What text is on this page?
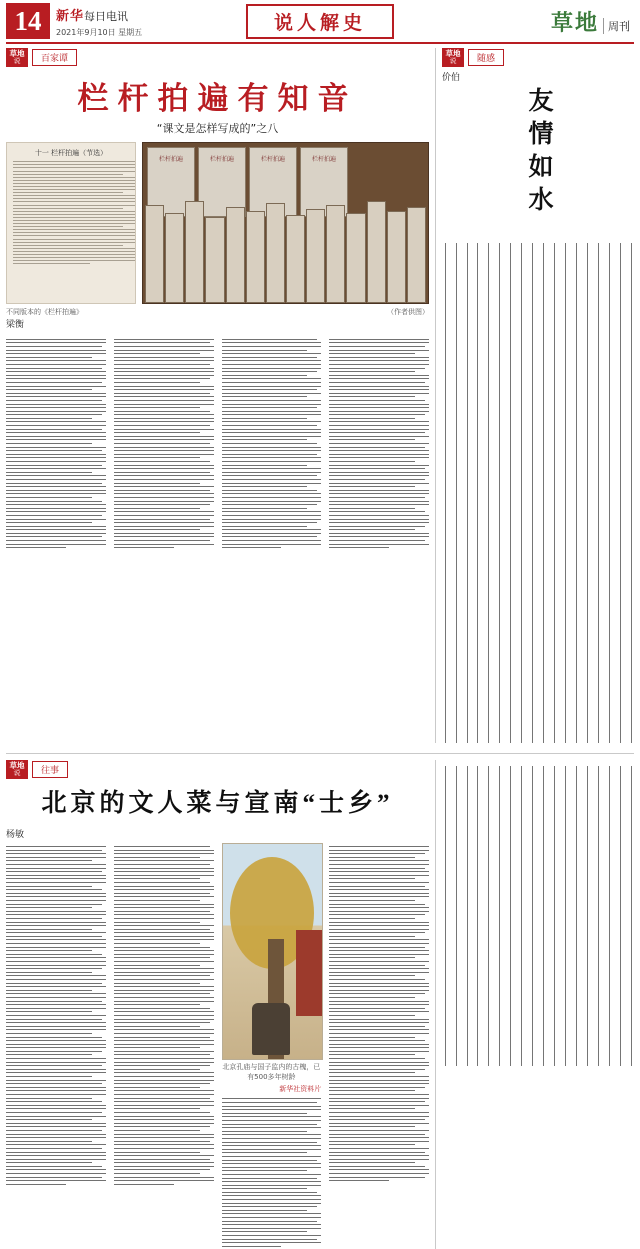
14	新华每日电讯
2021年9月10日 星期五	说人解史	草地 周刊
草地
说	百家谭
栏杆拍遍有知音
“课文是怎样写成的”之八
十一 栏杆拍遍（节选）
栏杆拍遍	栏杆拍遍	栏杆拍遍	栏杆拍遍
不同版本的《栏杆拍遍》	（作者供图）
梁衡
草地
说	随感
价伯
友情如水
草地
说	往事
北京的文人菜与宣南“士乡”
杨敏
北京孔庙与国子监内的古槐，已有500多年树龄
新华社资料片
